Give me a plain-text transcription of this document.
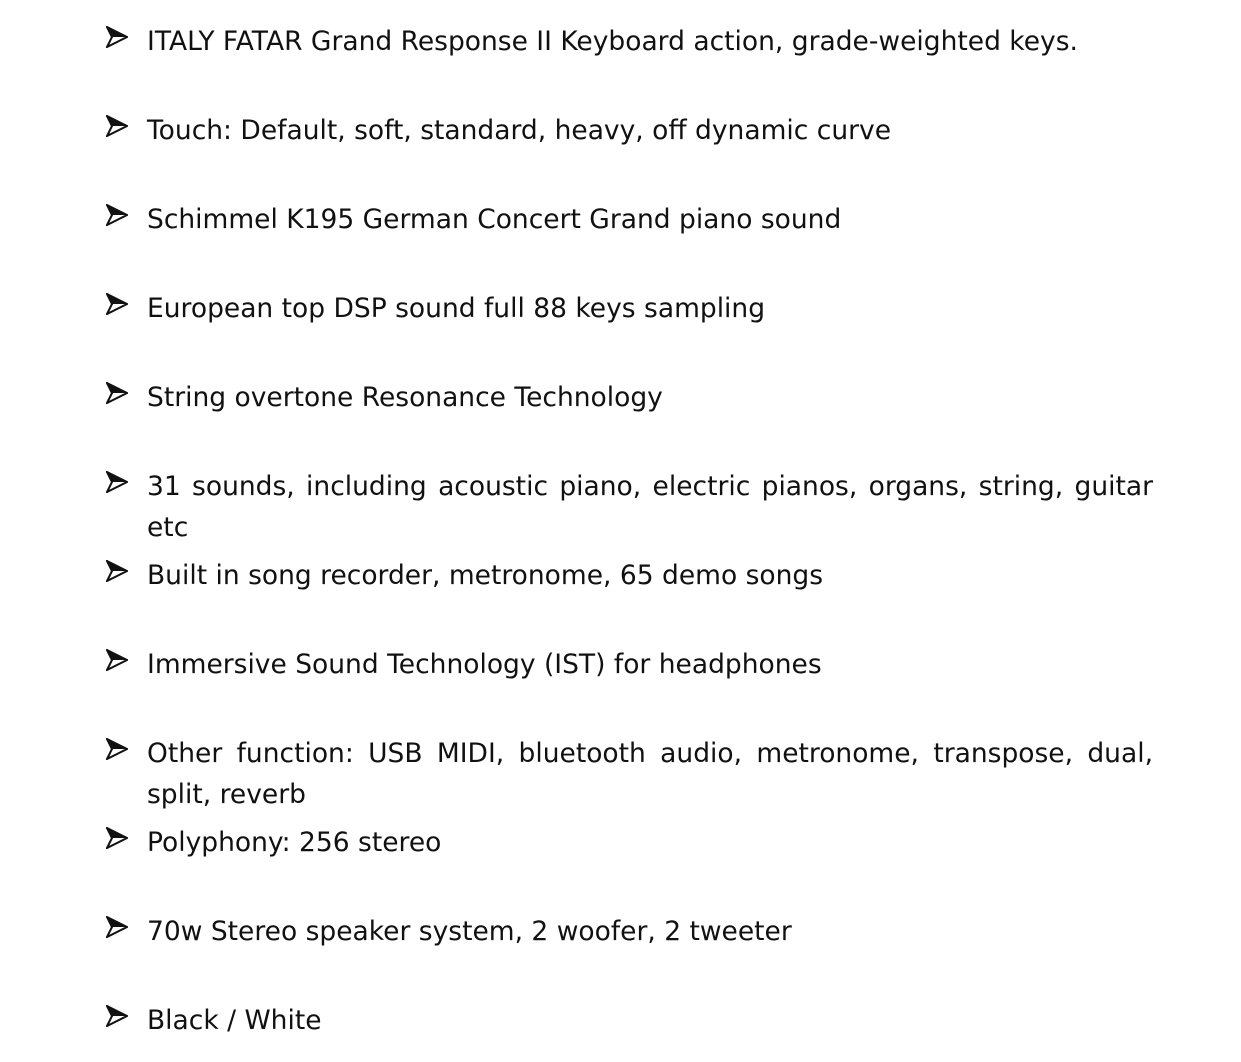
ITALY FATAR Grand Response II Keyboard action, grade-weighted keys.
Touch: Default, soft, standard, heavy, off dynamic curve
Schimmel K195 German Concert Grand piano sound
European top DSP sound full 88 keys sampling
String overtone Resonance Technology
31 sounds, including acoustic piano, electric pianos, organs, string, guitar etc
Built in song recorder, metronome, 65 demo songs
Immersive Sound Technology (IST) for headphones
Other function: USB MIDI, bluetooth audio, metronome, transpose, dual, split, reverb
Polyphony: 256 stereo
70w Stereo speaker system, 2 woofer, 2 tweeter
Black / White
